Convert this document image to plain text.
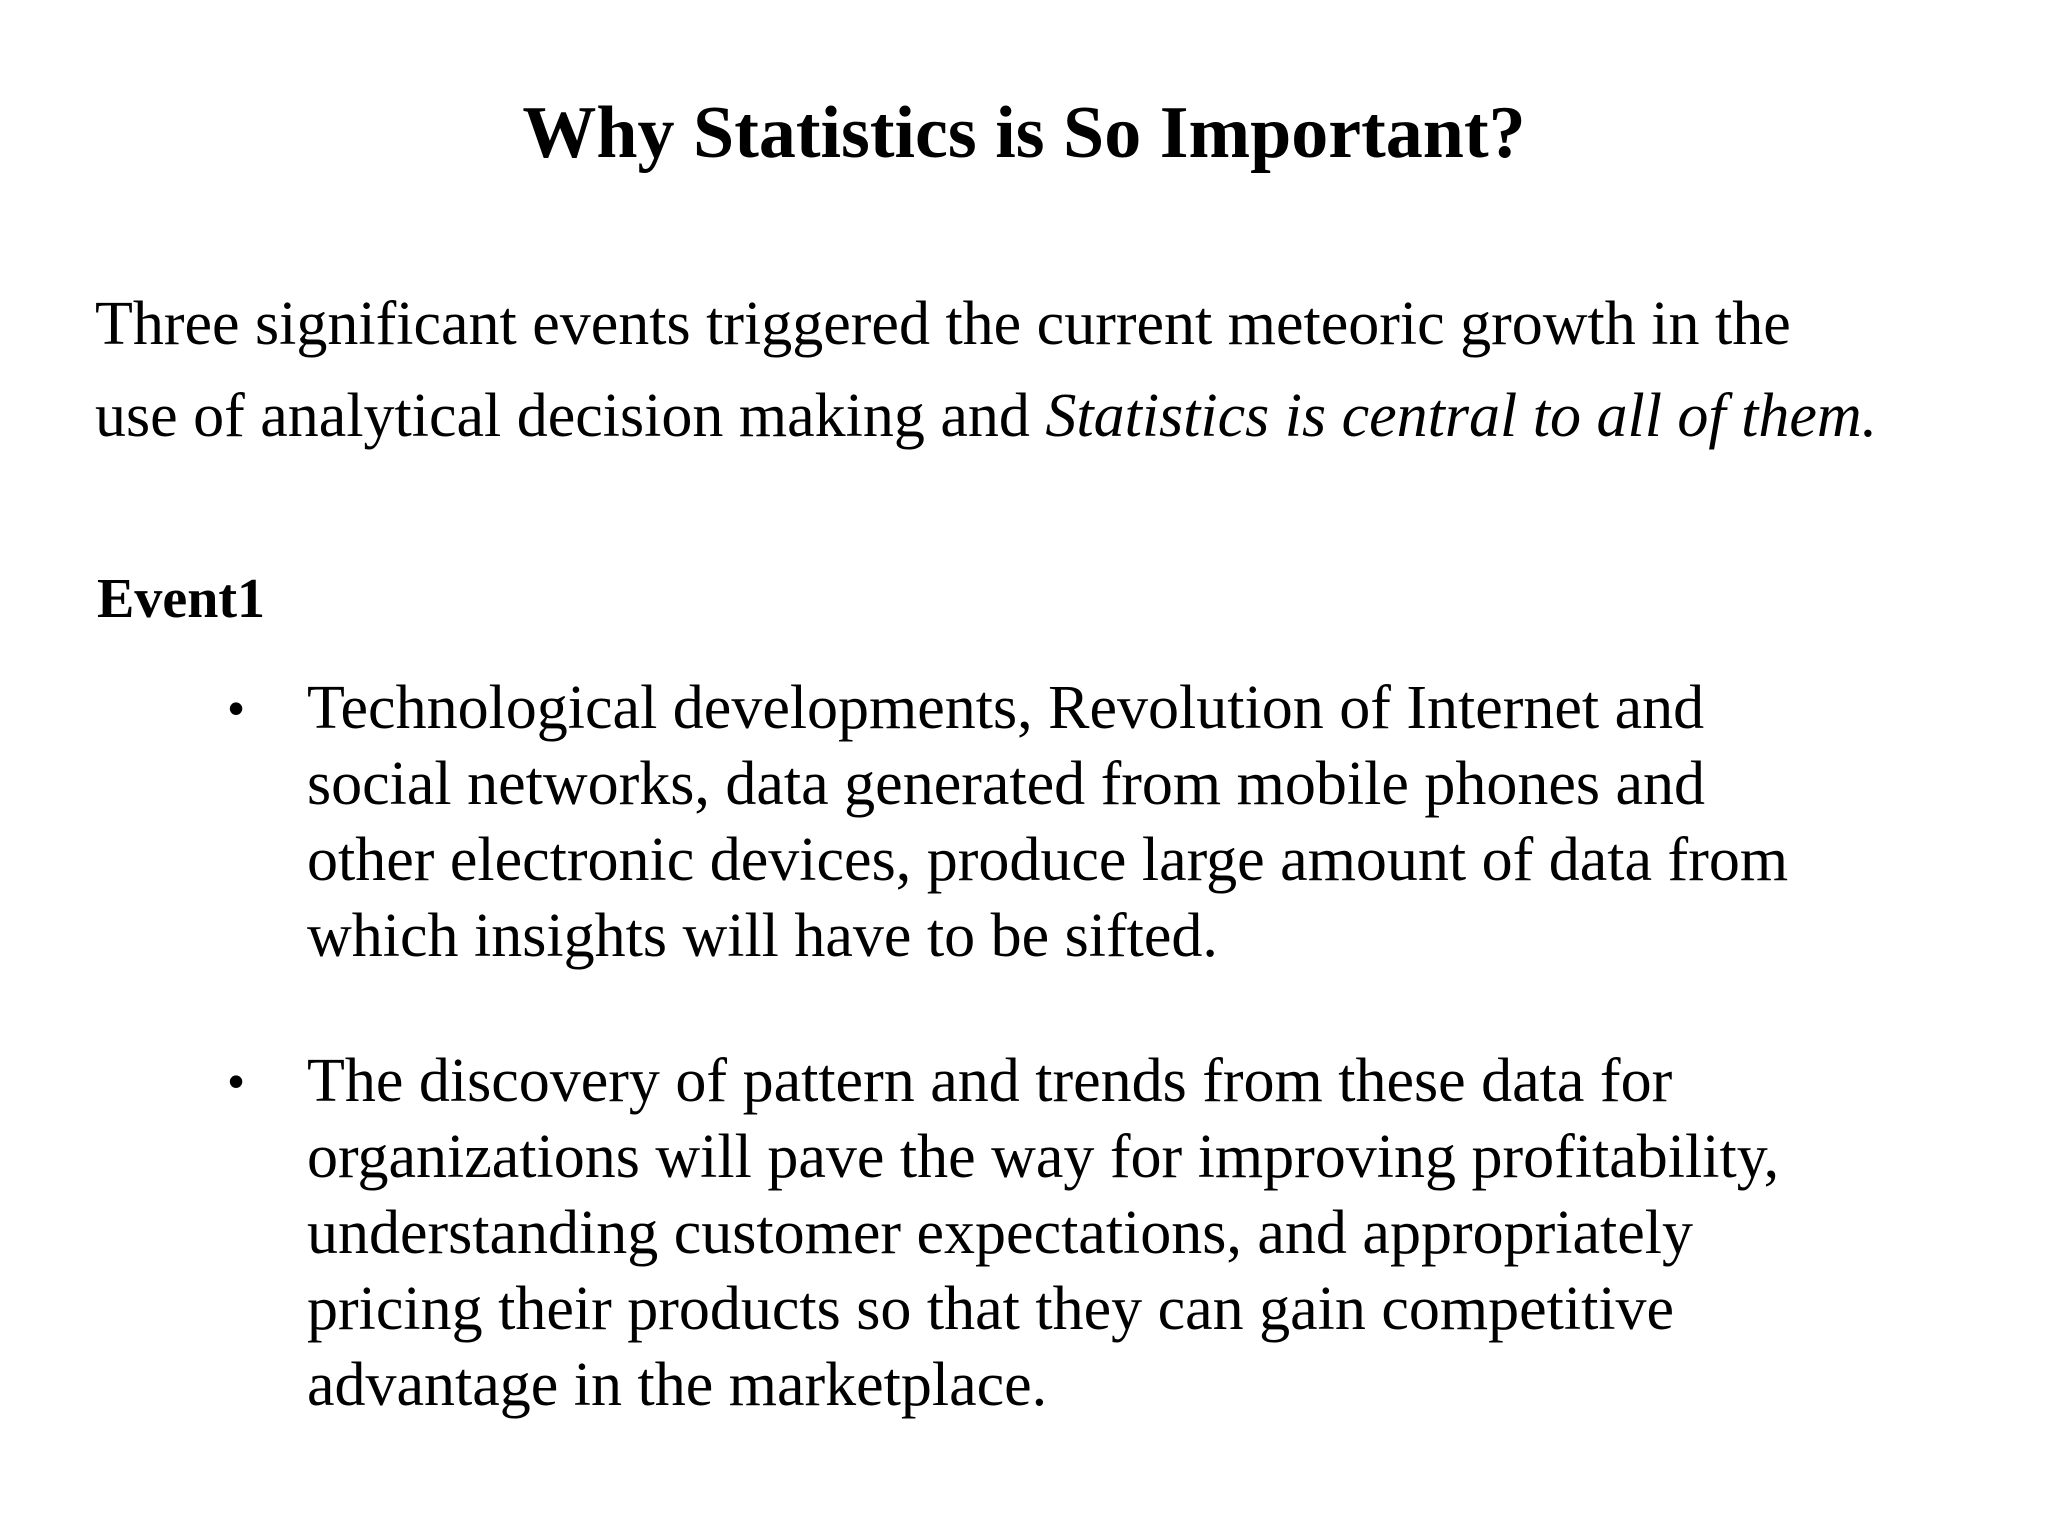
Why Statistics is So Important?
Three significant events triggered the current meteoric growth in the
use of analytical decision making and Statistics is central to all of them.
Event1
• Technological developments, Revolution of Internet and
social networks, data generated from mobile phones and
other electronic devices, produce large amount of data from
which insights will have to be sifted.
• The discovery of pattern and trends from these data for
organizations will pave the way for improving profitability,
understanding customer expectations, and appropriately
pricing their products so that they can gain competitive
advantage in the marketplace.
